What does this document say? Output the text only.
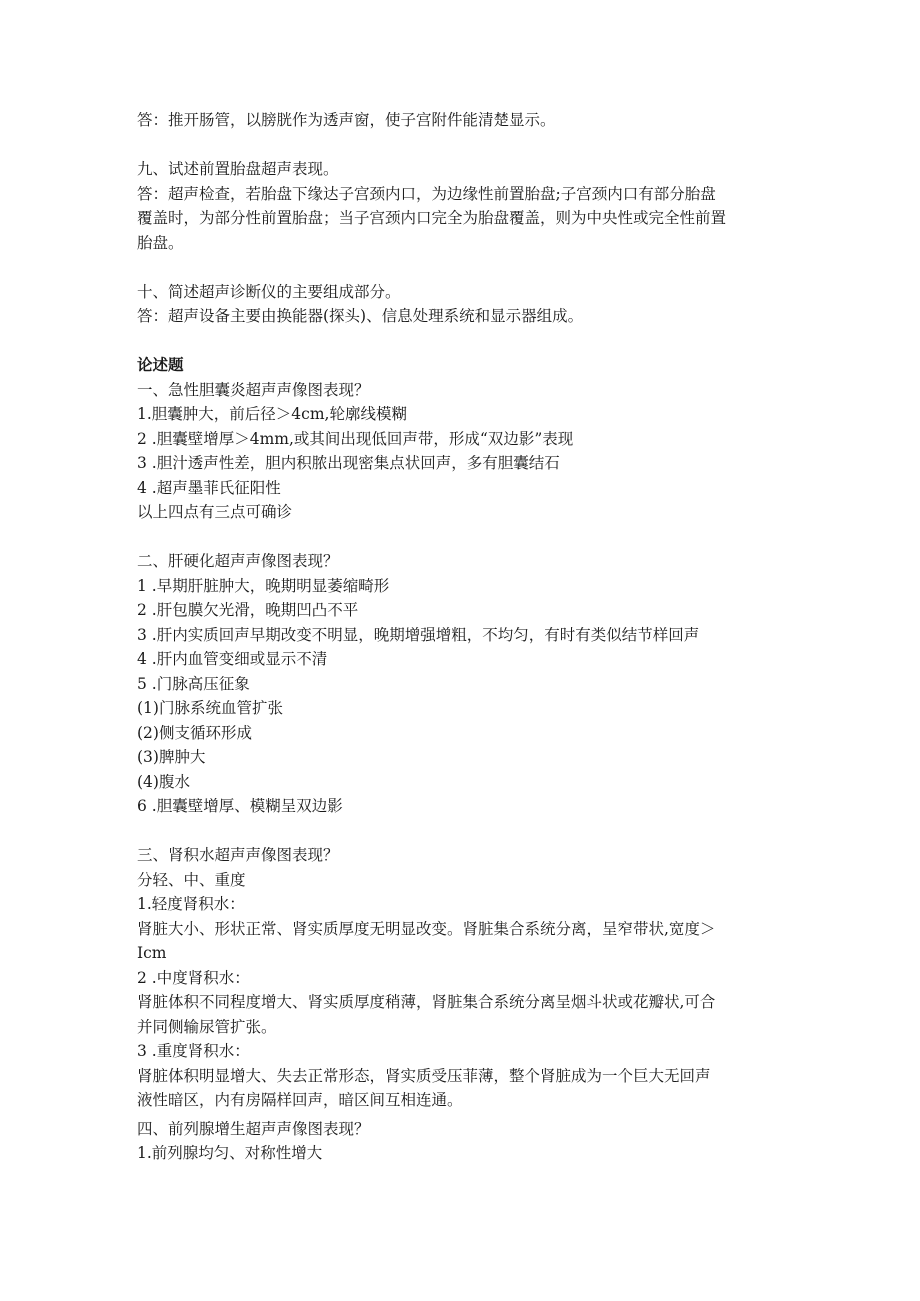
答：推开肠管，以膀胱作为透声窗，使子宫附件能清楚显示。

九、试述前置胎盘超声表现。

答：超声检查，若胎盘下缘达子宫颈内口，为边缘性前置胎盘;子宫颈内口有部分胎盘

覆盖时，为部分性前置胎盘；当子宫颈内口完全为胎盘覆盖，则为中央性或完全性前置

胎盘。

十、简述超声诊断仪的主要组成部分。

答：超声设备主要由换能器(探头)、信息处理系统和显示器组成。

论述题

一、急性胆囊炎超声声像图表现？

1.胆囊肿大，前后径＞4cm,轮廓线模糊

2 .胆囊壁增厚＞4mm,或其间出现低回声带，形成“双边影”表现

3 .胆汁透声性差，胆内积脓出现密集点状回声，多有胆囊结石

4 .超声墨菲氏征阳性

以上四点有三点可确诊

二、肝硬化超声声像图表现？

1 .早期肝脏肿大，晚期明显萎缩畸形

2 .肝包膜欠光滑，晚期凹凸不平

3 .肝内实质回声早期改变不明显，晚期增强增粗，不均匀，有时有类似结节样回声

4 .肝内血管变细或显示不清

5 .门脉高压征象

(1)门脉系统血管扩张

(2)侧支循环形成

(3)脾肿大

(4)腹水

6 .胆囊壁增厚、模糊呈双边影

三、肾积水超声声像图表现？

分轻、中、重度

1.轻度肾积水：

肾脏大小、形状正常、肾实质厚度无明显改变。肾脏集合系统分离，呈窄带状,宽度＞

Icm

2 .中度肾积水：

肾脏体积不同程度增大、肾实质厚度稍薄，肾脏集合系统分离呈烟斗状或花瓣状,可合

并同侧输尿管扩张。

3 .重度肾积水：

肾脏体积明显增大、失去正常形态，肾实质受压菲薄，整个肾脏成为一个巨大无回声

液性暗区，内有房隔样回声，暗区间互相连通。

四、前列腺增生超声声像图表现？

1.前列腺均匀、对称性增大
